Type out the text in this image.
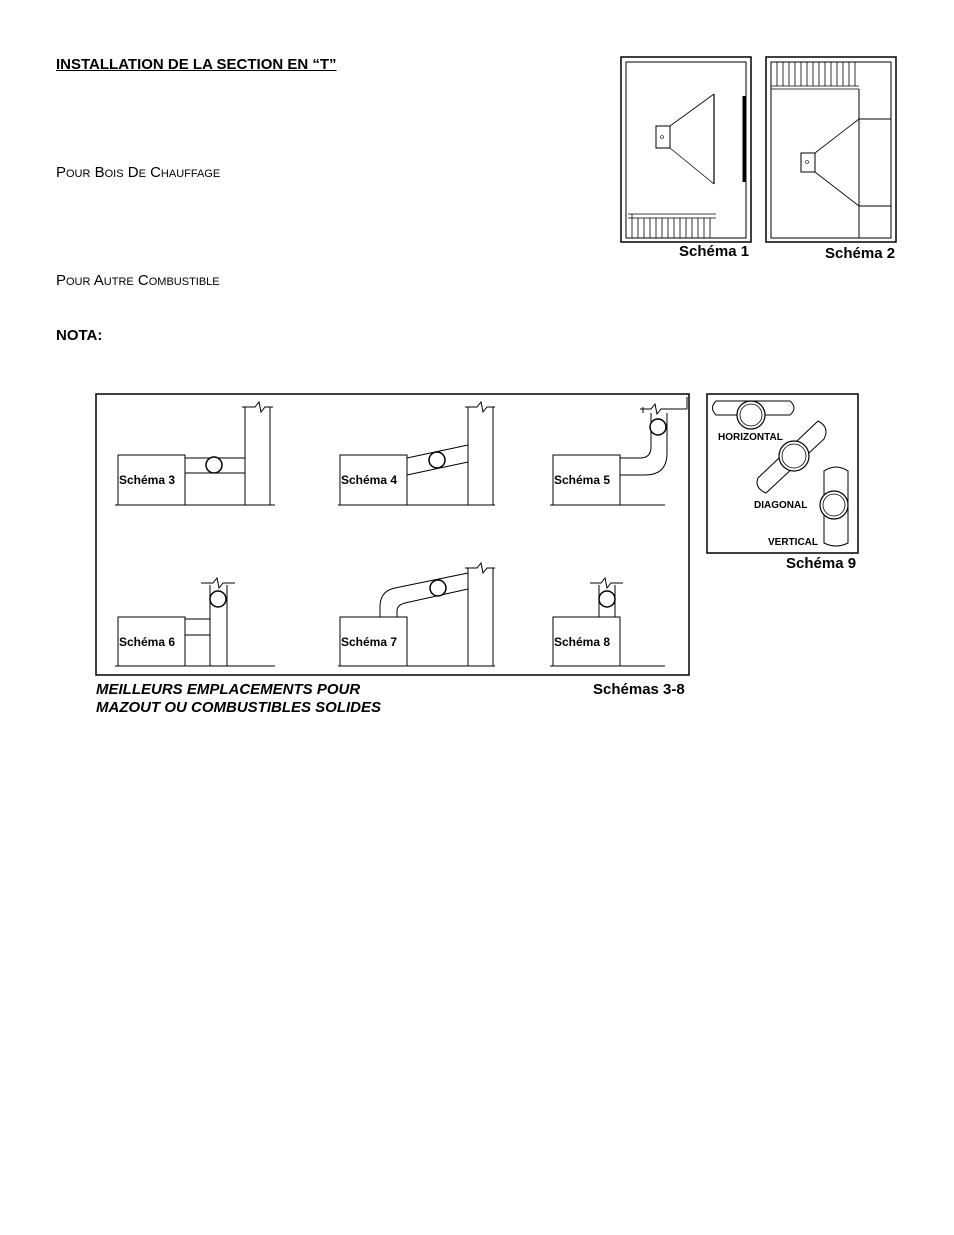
INSTALLATION DE LA SECTION EN “T”
Pour Bois De Chauffage
Pour Autre Combustible
NOTA:
Schéma 1	Schéma 2
Schéma 3	Schéma 4	Schéma 5
Schéma 6	Schéma 7	Schéma 8
MEILLEURS EMPLACEMENTS POUR
MAZOUT OU COMBUSTIBLES SOLIDES
Schémas 3-8
HORIZONTAL
DIAGONAL
VERTICAL
Schéma 9
